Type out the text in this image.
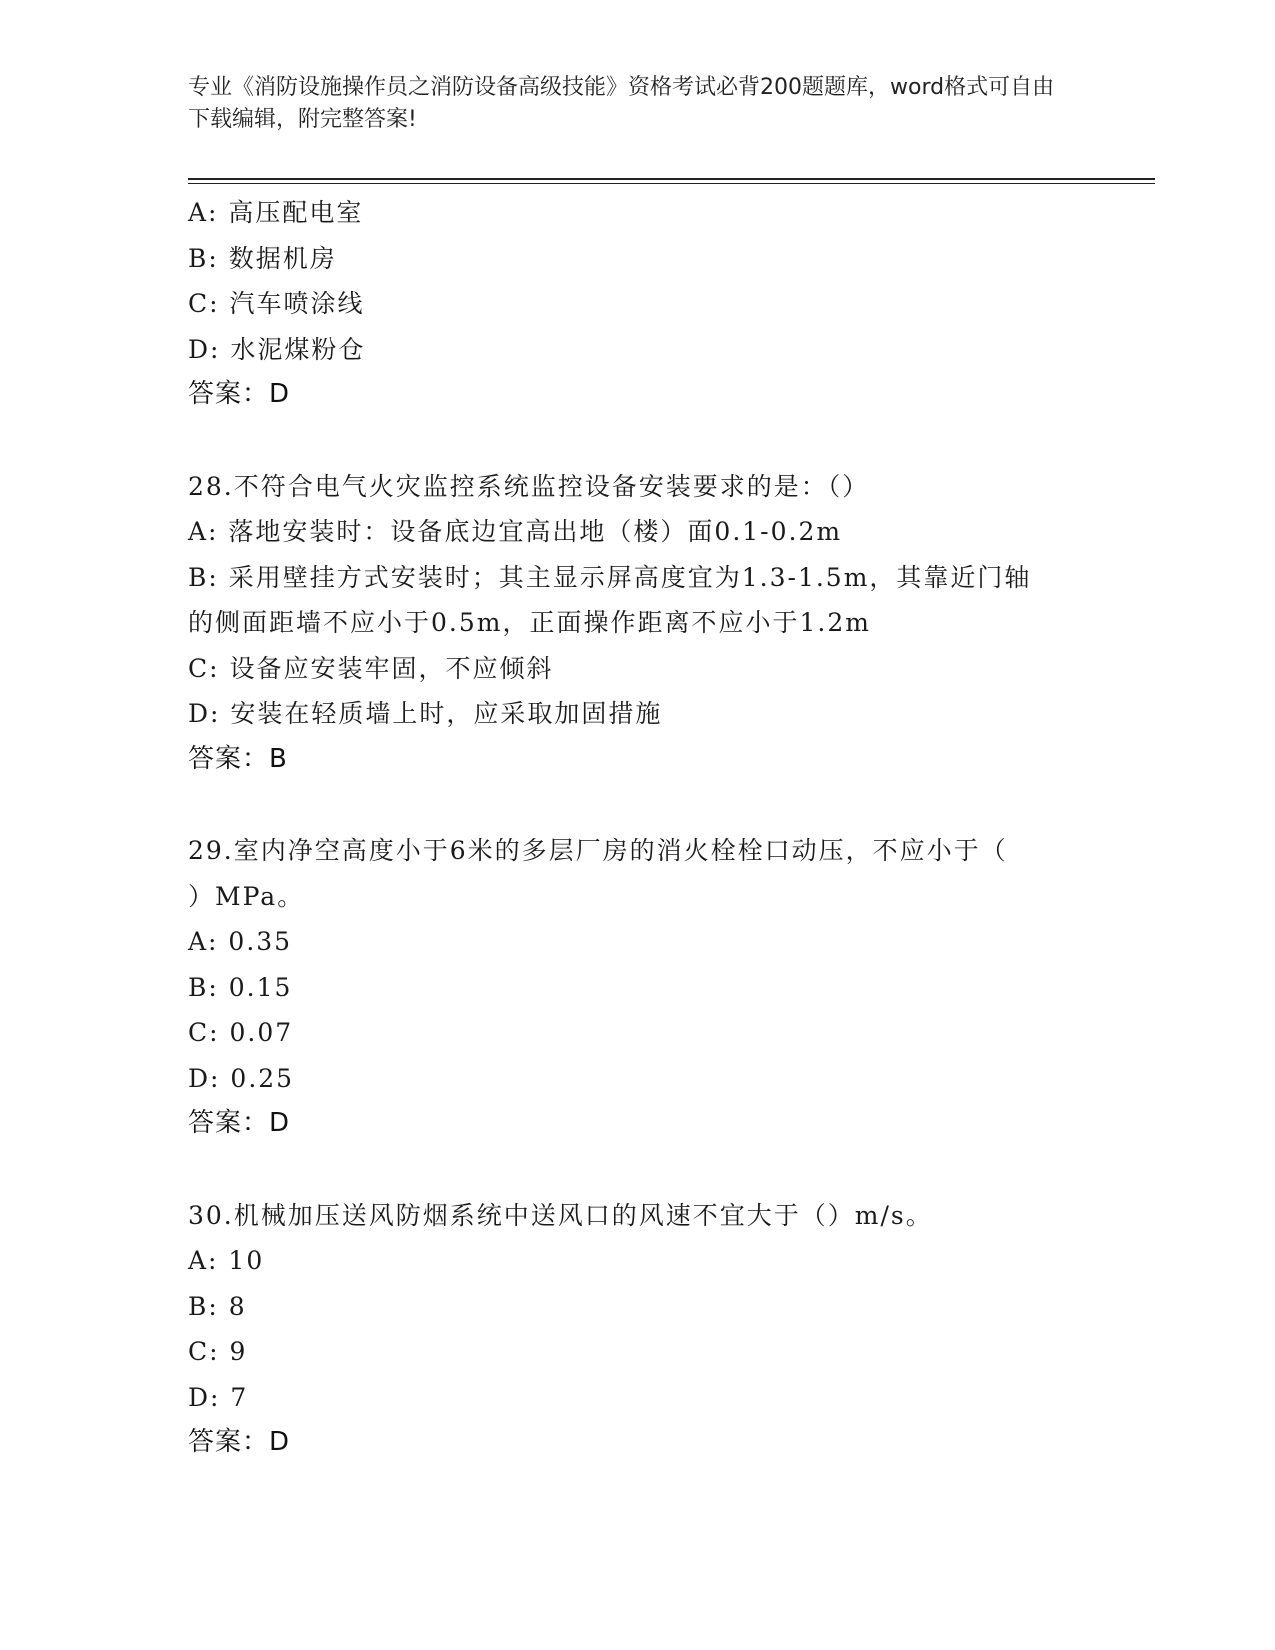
专业《消防设施操作员之消防设备高级技能》资格考试必背200题题库，word格式可自由下载编辑，附完整答案!
A: 高压配电室
B: 数据机房
C: 汽车喷涂线
D: 水泥煤粉仓
答案：D
28.不符合电气火灾监控系统监控设备安装要求的是：（）
A: 落地安装时：设备底边宜高出地（楼）面0.1-0.2m
B: 采用壁挂方式安装时；其主显示屏高度宜为1.3-1.5m，其靠近门轴
的侧面距墙不应小于0.5m，正面操作距离不应小于1.2m
C: 设备应安装牢固，不应倾斜
D: 安装在轻质墙上时，应采取加固措施
答案：B
29.室内净空高度小于6米的多层厂房的消火栓栓口动压，不应小于（
）MPa。
A: 0.35
B: 0.15
C: 0.07
D: 0.25
答案：D
30.机械加压送风防烟系统中送风口的风速不宜大于（）m/s。
A: 10
B: 8
C: 9
D: 7
答案：D
